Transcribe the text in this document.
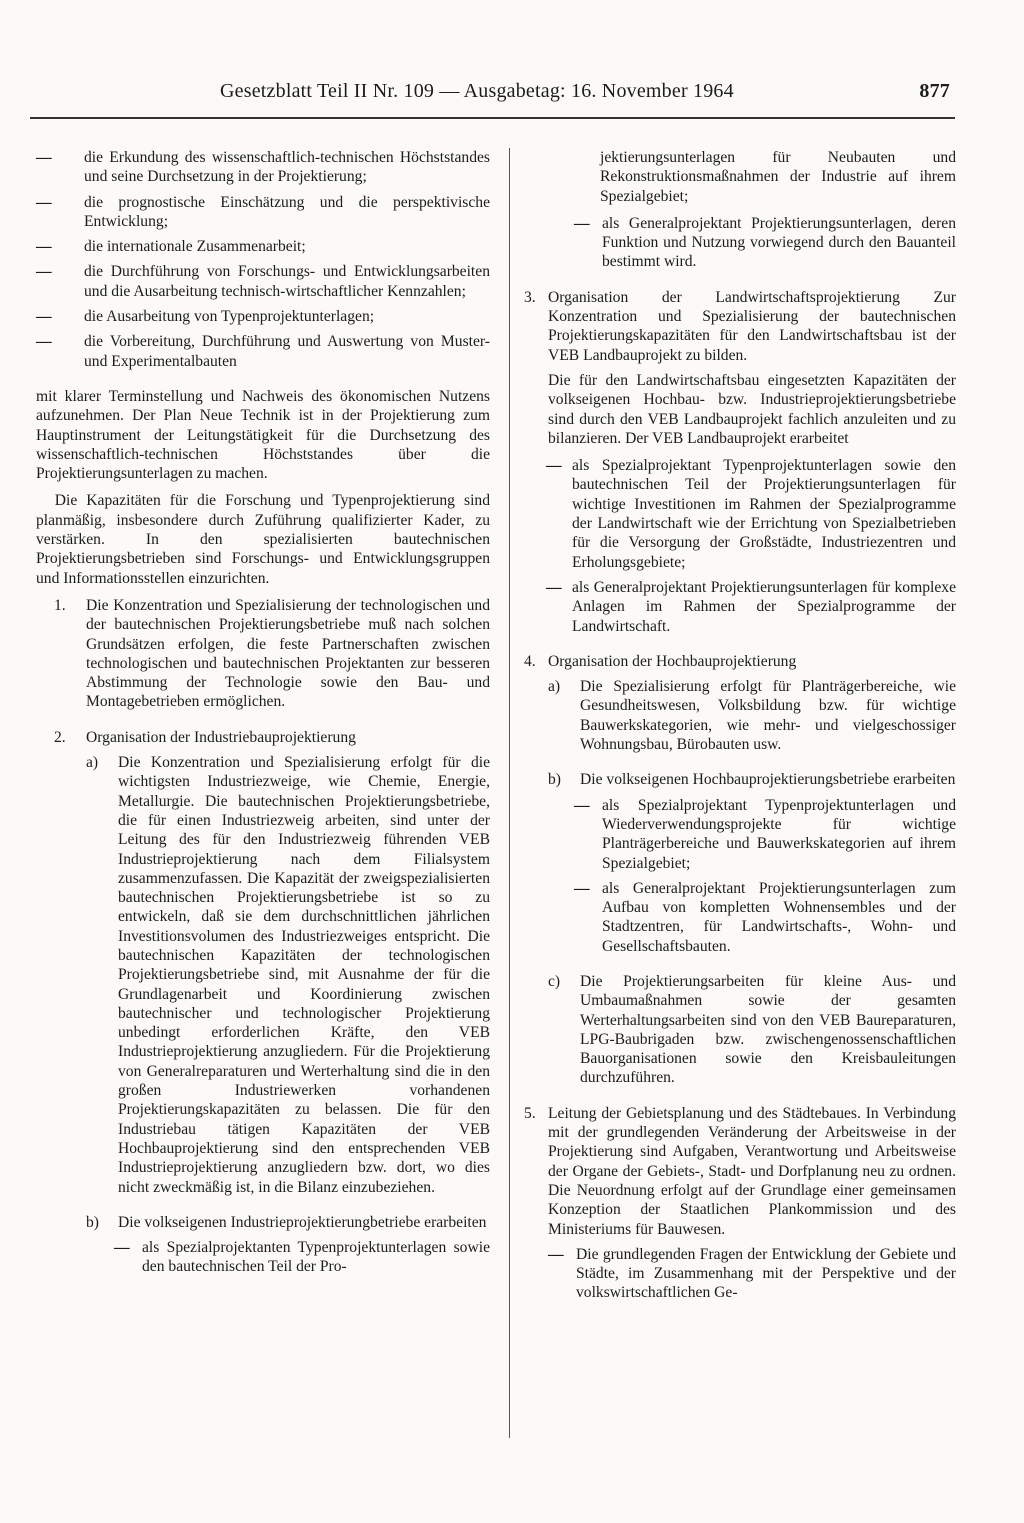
Gesetzblatt Teil II Nr. 109 — Ausgabetag: 16. November 1964	877
— die Erkundung des wissenschaftlich-technischen Höchststandes und seine Durchsetzung in der Projektierung;
— die prognostische Einschätzung und die perspektivische Entwicklung;
— die internationale Zusammenarbeit;
— die Durchführung von Forschungs- und Entwicklungsarbeiten und die Ausarbeitung technisch-wirtschaftlicher Kennzahlen;
— die Ausarbeitung von Typenprojektunterlagen;
— die Vorbereitung, Durchführung und Auswertung von Muster- und Experimentalbauten

mit klarer Terminstellung und Nachweis des ökonomischen Nutzens aufzunehmen. Der Plan Neue Technik ist in der Projektierung zum Hauptinstrument der Leitungstätigkeit für die Durchsetzung des wissenschaftlich-technischen Höchststandes über die Projektierungsunterlagen zu machen.

Die Kapazitäten für die Forschung und Typenprojektierung sind planmäßig, insbesondere durch Zuführung qualifizierter Kader, zu verstärken. In den spezialisierten bautechnischen Projektierungsbetrieben sind Forschungs- und Entwicklungsgruppen und Informationsstellen einzurichten.

1. Die Konzentration und Spezialisierung der technologischen und der bautechnischen Projektierungsbetriebe muß nach solchen Grundsätzen erfolgen, die feste Partnerschaften zwischen technologischen und bautechnischen Projektanten zur besseren Abstimmung der Technologie sowie den Bau- und Montagebetrieben ermöglichen.
2. Organisation der Industriebauprojektierung
a) Die Konzentration und Spezialisierung erfolgt für die wichtigsten Industriezweige, wie Chemie, Energie, Metallurgie. Die bautechnischen Projektierungsbetriebe, die für einen Industriezweig arbeiten, sind unter der Leitung des für den Industriezweig führenden VEB Industrieprojektierung nach dem Filialsystem zusammenzufassen. Die Kapazität der zweigspezialisierten bautechnischen Projektierungsbetriebe ist so zu entwickeln, daß sie dem durchschnittlichen jährlichen Investitionsvolumen des Industriezweiges entspricht. Die bautechnischen Kapazitäten der technologischen Projektierungsbetriebe sind, mit Ausnahme der für die Grundlagenarbeit und Koordinierung zwischen bautechnischer und technologischer Projektierung unbedingt erforderlichen Kräfte, den VEB Industrieprojektierung anzugliedern. Für die Projektierung von Generalreparaturen und Werterhaltung sind die in den großen Industriewerken vorhandenen Projektierungskapazitäten zu belassen. Die für den Industriebau tätigen Kapazitäten der VEB Hochbauprojektierung sind den entsprechenden VEB Industrieprojektierung anzugliedern bzw. dort, wo dies nicht zweckmäßig ist, in die Bilanz einzubeziehen.
b) Die volkseigenen Industrieprojektierungbetriebe erarbeiten
— als Spezialprojektanten Typenprojektunterlagen sowie den bautechnischen Teil der Pro-

jektierungsunterlagen für Neubauten und Rekonstruktionsmaßnahmen der Industrie auf ihrem Spezialgebiet;

— als Generalprojektant Projektierungsunterlagen, deren Funktion und Nutzung vorwiegend durch den Bauanteil bestimmt wird.
3. Organisation der Landwirtschaftsprojektierung Zur Konzentration und Spezialisierung der bautechnischen Projektierungskapazitäten für den Landwirtschaftsbau ist der VEB Landbauprojekt zu bilden.

Die für den Landwirtschaftsbau eingesetzten Kapazitäten der volkseigenen Hochbau- bzw. Industrieprojektierungsbetriebe sind durch den VEB Landbauprojekt fachlich anzuleiten und zu bilanzieren. Der VEB Landbauprojekt erarbeitet

— als Spezialprojektant Typenprojektunterlagen sowie den bautechnischen Teil der Projektierungsunterlagen für wichtige Investitionen im Rahmen der Spezialprogramme der Landwirtschaft wie der Errichtung von Spezialbetrieben für die Versorgung der Großstädte, Industriezentren und Erholungsgebiete;
— als Generalprojektant Projektierungsunterlagen für komplexe Anlagen im Rahmen der Spezialprogramme der Landwirtschaft.
4. Organisation der Hochbauprojektierung
a) Die Spezialisierung erfolgt für Planträgerbereiche, wie Gesundheitswesen, Volksbildung bzw. für wichtige Bauwerkskategorien, wie mehr- und vielgeschossiger Wohnungsbau, Bürobauten usw.
b) Die volkseigenen Hochbauprojektierungsbetriebe erarbeiten
— als Spezialprojektant Typenprojektunterlagen und Wiederverwendungsprojekte für wichtige Planträgerbereiche und Bauwerkskategorien auf ihrem Spezialgebiet;
— als Generalprojektant Projektierungsunterlagen zum Aufbau von kompletten Wohnensembles und der Stadtzentren, für Landwirtschafts-, Wohn- und Gesellschaftsbauten.
c) Die Projektierungsarbeiten für kleine Aus- und Umbaumaßnahmen sowie der gesamten Werterhaltungsarbeiten sind von den VEB Baureparaturen, LPG-Baubrigaden bzw. zwischengenossenschaftlichen Bauorganisationen sowie den Kreisbauleitungen durchzuführen.
5. Leitung der Gebietsplanung und des Städtebaues. In Verbindung mit der grundlegenden Veränderung der Arbeitsweise in der Projektierung sind Aufgaben, Verantwortung und Arbeitsweise der Organe der Gebiets-, Stadt- und Dorfplanung neu zu ordnen. Die Neuordnung erfolgt auf der Grundlage einer gemeinsamen Konzeption der Staatlichen Plankommission und des Ministeriums für Bauwesen.
— Die grundlegenden Fragen der Entwicklung der Gebiete und Städte, im Zusammenhang mit der Perspektive und der volkswirtschaftlichen Ge-
